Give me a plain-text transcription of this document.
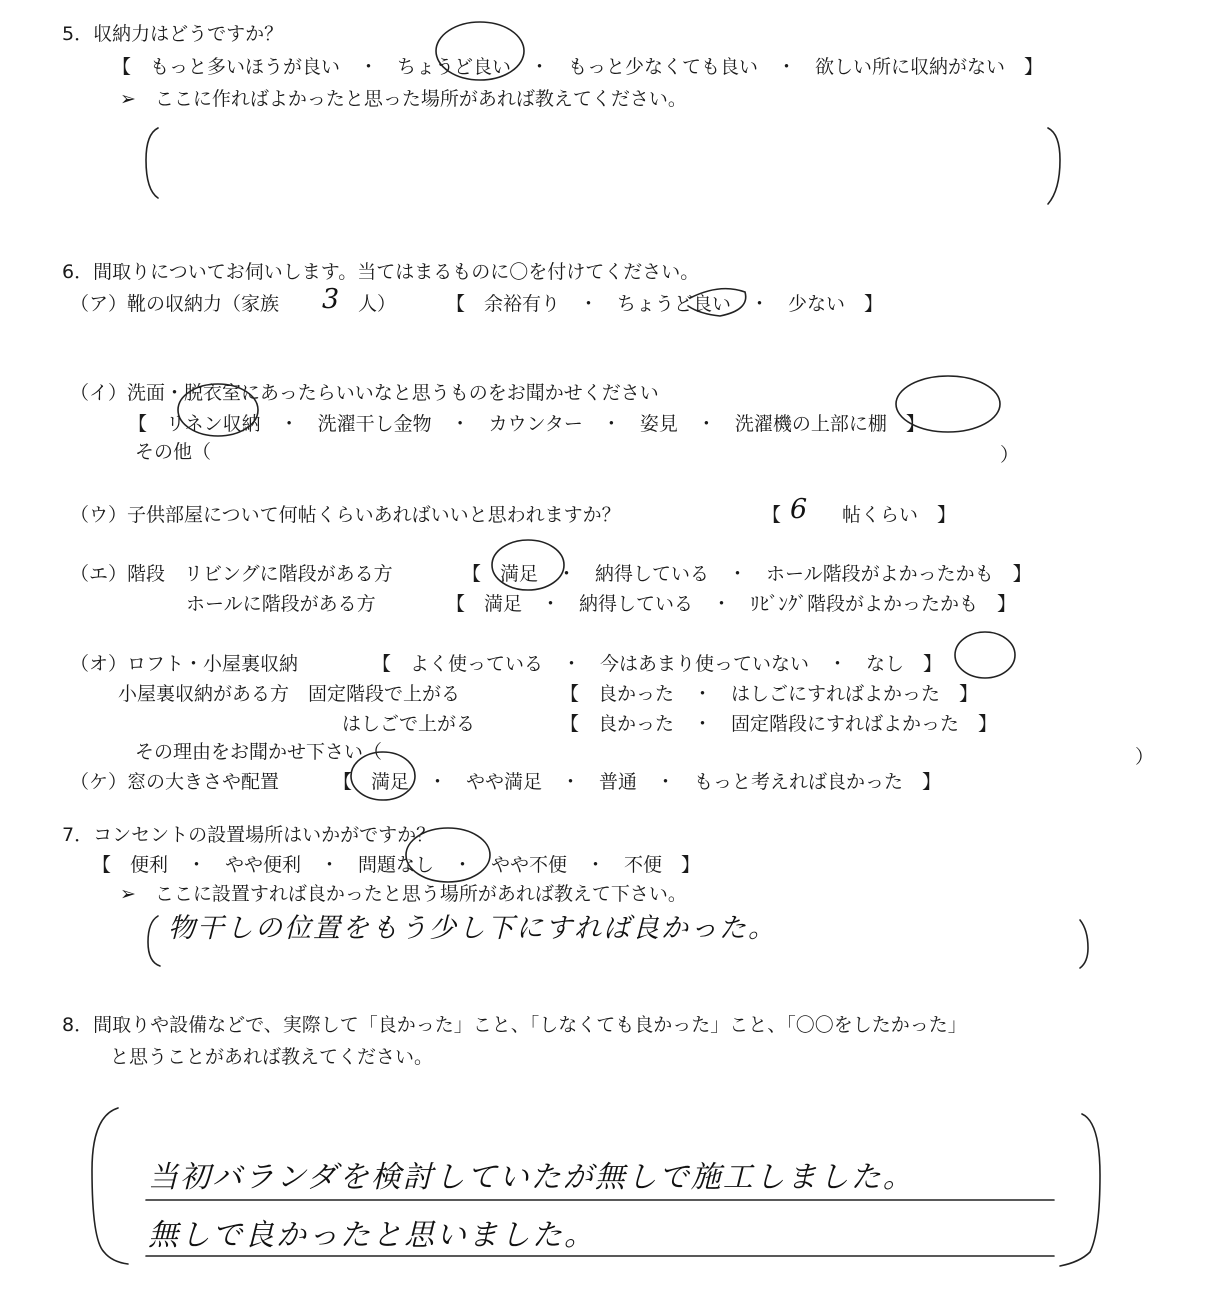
5．収納力はどうですか？
【　もっと多いほうが良い　・　ちょうど良い　・　もっと少なくても良い　・　欲しい所に収納がない　】
➢　ここに作ればよかったと思った場所があれば教えてください。
6．間取りについてお伺いします。当てはまるものに〇を付けてください。
（ア）靴の収納力（家族 3 人）	【　余裕有り　・　ちょうど良い　・　少ない　】
（イ）洗面・脱衣室にあったらいいなと思うものをお聞かせください
【　リネン収納　・　洗濯干し金物　・　カウンター　・　姿見　・　洗濯機の上部に棚　】
その他（	）
（ウ）子供部屋について何帖くらいあればいいと思われますか？	【 6 帖くらい　】
（エ）階段　リビングに階段がある方	【　満足　・　納得している　・　ホール階段がよかったかも　】
ホールに階段がある方	【　満足　・　納得している　・　ﾘﾋﾞﾝｸﾞ階段がよかったかも　】
（オ）ロフト・小屋裏収納	【　よく使っている　・　今はあまり使っていない　・　なし　】
小屋裏収納がある方　固定階段で上がる	【　良かった　・　はしごにすればよかった　】
はしごで上がる	【　良かった　・　固定階段にすればよかった　】
その理由をお聞かせ下さい（	）
（ケ）窓の大きさや配置	【　満足　・　やや満足　・　普通　・　もっと考えれば良かった　】
7．コンセントの設置場所はいかがですか？
【　便利　・　やや便利　・　問題なし　・　やや不便　・　不便　】
➢　ここに設置すれば良かったと思う場所があれば教えて下さい。
物干しの位置をもう少し下にすれば良かった。
8．間取りや設備などで、実際して「良かった」こと、「しなくても良かった」こと、「〇〇をしたかった」
と思うことがあれば教えてください。
当初バランダを検討していたが無しで施工しました。
無しで良かったと思いました。
